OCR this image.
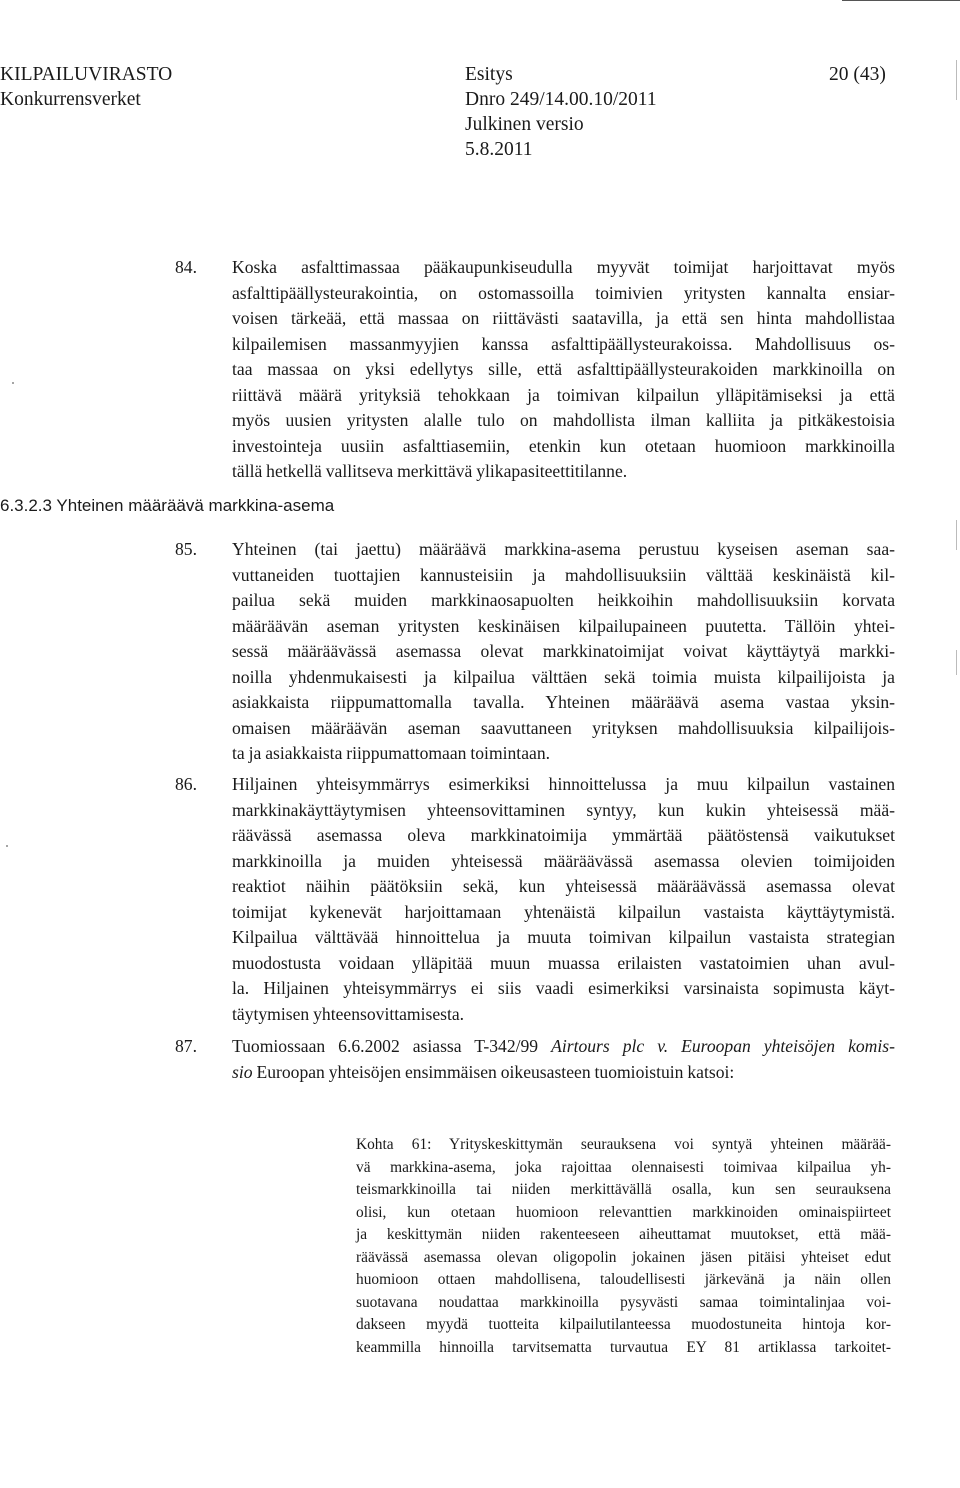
KILPAILUVIRASTO
Konkurrensverket
Esitys
Dnro 249/14.00.10/2011
Julkinen versio
5.8.2011
20 (43)
84.	Koska asfalttimassaa pääkaupunkiseudulla myyvät toimijat harjoittavat myös
asfalttipäällysteurakointia, on ostomassoilla toimivien yritysten kannalta ensiar-
voisen tärkeää, että massaa on riittävästi saatavilla, ja että sen hinta mahdollistaa
kilpailemisen massanmyyjien kanssa asfalttipäällysteurakoissa. Mahdollisuus os-
taa massaa on yksi edellytys sille, että asfalttipäällysteurakoiden markkinoilla on
riittävä määrä yrityksiä tehokkaan ja toimivan kilpailun ylläpitämiseksi ja että
myös uusien yritysten alalle tulo on mahdollista ilman kalliita ja pitkäkestoisia
investointeja uusiin asfalttiasemiin, etenkin kun otetaan huomioon markkinoilla
tällä hetkellä vallitseva merkittävä ylikapasiteettitilanne.
6.3.2.3 Yhteinen määräävä markkina-asema
85.	Yhteinen (tai jaettu) määräävä markkina-asema perustuu kyseisen aseman saa-
vuttaneiden tuottajien kannusteisiin ja mahdollisuuksiin välttää keskinäistä kil-
pailua sekä muiden markkinaosapuolten heikkoihin mahdollisuuksiin korvata
määräävän aseman yritysten keskinäisen kilpailupaineen puutetta. Tällöin yhtei-
sessä määräävässä asemassa olevat markkinatoimijat voivat käyttäytyä markki-
noilla yhdenmukaisesti ja kilpailua välttäen sekä toimia muista kilpailijoista ja
asiakkaista riippumattomalla tavalla. Yhteinen määräävä asema vastaa yksin-
omaisen määräävän aseman saavuttaneen yrityksen mahdollisuuksia kilpailijois-
ta ja asiakkaista riippumattomaan toimintaan.
86.	Hiljainen yhteisymmärrys esimerkiksi hinnoittelussa ja muu kilpailun vastainen
markkinakäyttäytymisen yhteensovittaminen syntyy, kun kukin yhteisessä mää-
räävässä asemassa oleva markkinatoimija ymmärtää päätöstensä vaikutukset
markkinoilla ja muiden yhteisessä määräävässä asemassa olevien toimijoiden
reaktiot näihin päätöksiin sekä, kun yhteisessä määräävässä asemassa olevat
toimijat kykenevät harjoittamaan yhtenäistä kilpailun vastaista käyttäytymistä.
Kilpailua välttävää hinnoittelua ja muuta toimivan kilpailun vastaista strategian
muodostusta voidaan ylläpitää muun muassa erilaisten vastatoimien uhan avul-
la. Hiljainen yhteisymmärrys ei siis vaadi esimerkiksi varsinaista sopimusta käyt-
täytymisen yhteensovittamisesta.
87.	Tuomiossaan 6.6.2002 asiassa T-342/99 Airtours plc v. Euroopan yhteisöjen komis-
sio Euroopan yhteisöjen ensimmäisen oikeusasteen tuomioistuin katsoi:
Kohta 61: Yrityskeskittymän seurauksena voi syntyä yhteinen määrää-
vä markkina-asema, joka rajoittaa olennaisesti toimivaa kilpailua yh-
teismarkkinoilla tai niiden merkittävällä osalla, kun sen seurauksena
olisi, kun otetaan huomioon relevanttien markkinoiden ominaispiirteet
ja keskittymän niiden rakenteeseen aiheuttamat muutokset, että mää-
räävässä asemassa olevan oligopolin jokainen jäsen pitäisi yhteiset edut
huomioon ottaen mahdollisena, taloudellisesti järkevänä ja näin ollen
suotavana noudattaa markkinoilla pysyvästi samaa toimintalinjaa voi-
dakseen myydä tuotteita kilpailutilanteessa muodostuneita hintoja kor-
keammilla hinnoilla tarvitsematta turvautua EY 81 artiklassa tarkoitet-
